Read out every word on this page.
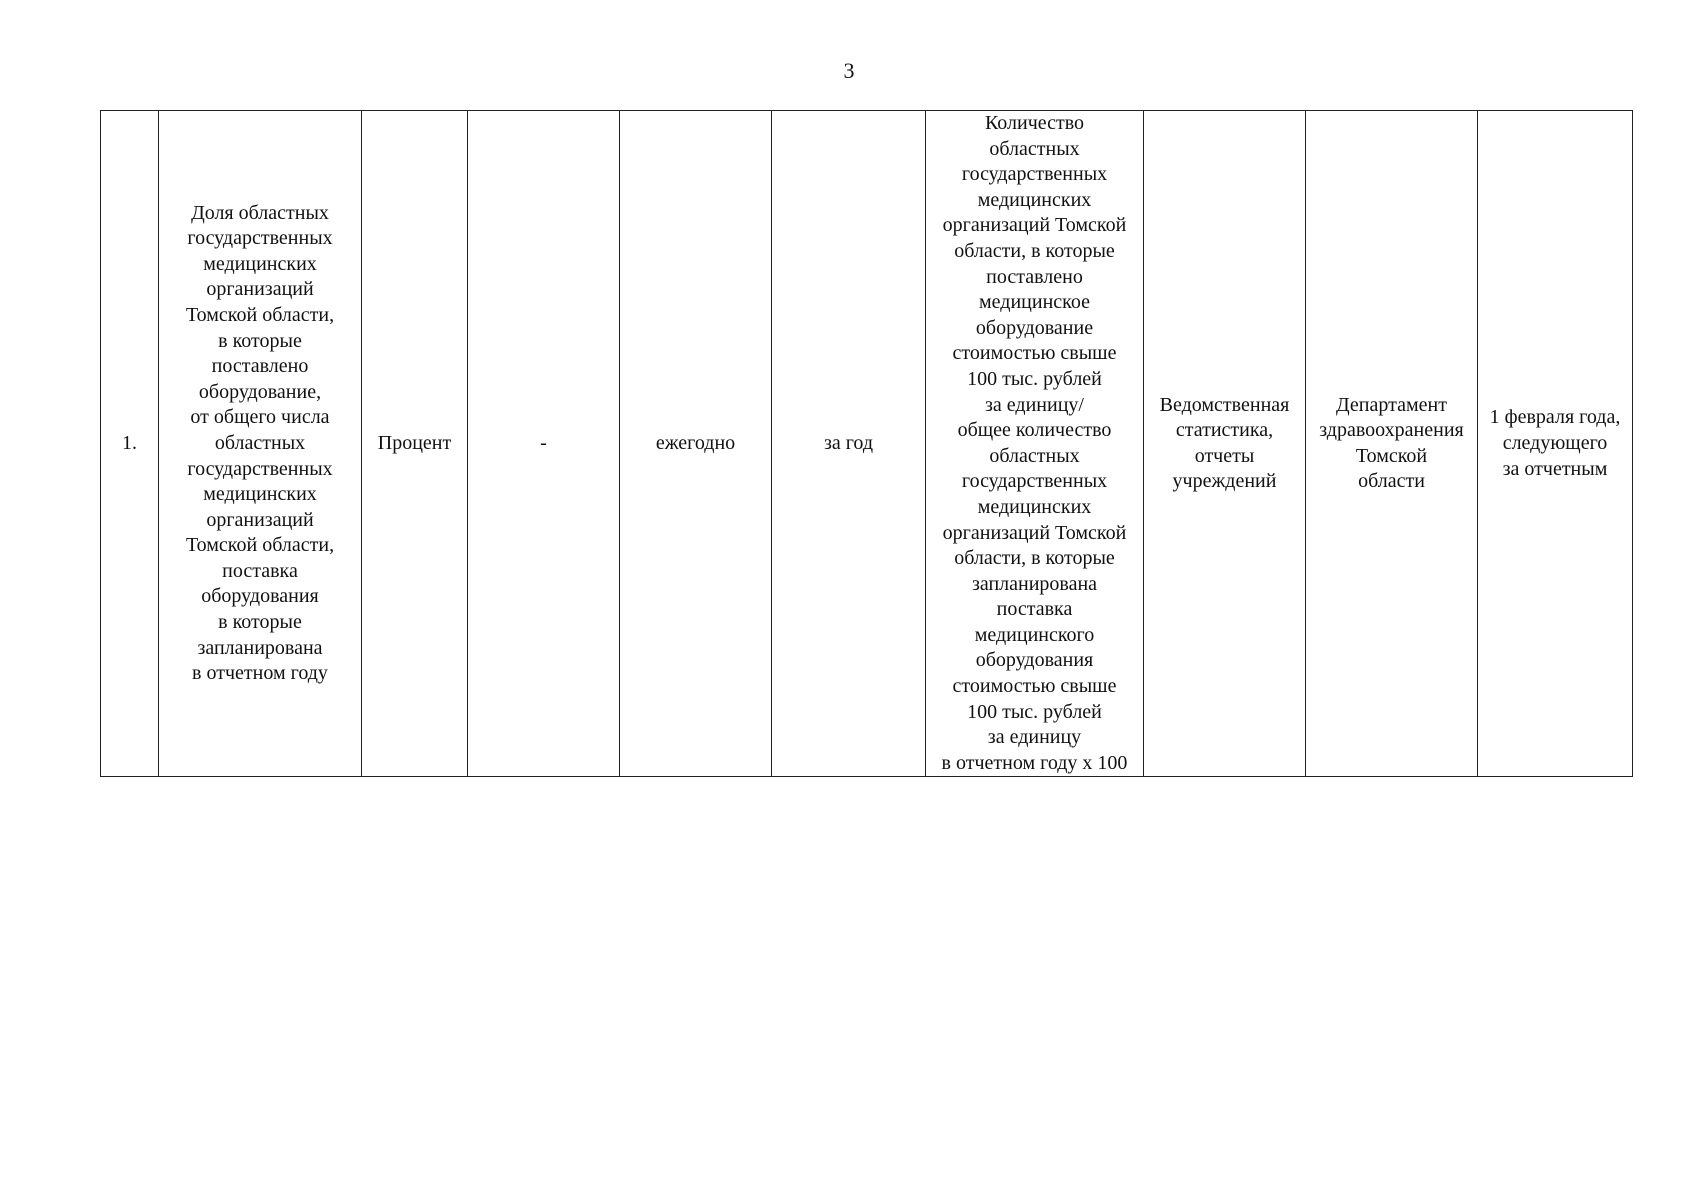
3
1.	Доля областных
государственных
медицинских
организаций
Томской области,
в которые
поставлено
оборудование,
от общего числа
областных
государственных
медицинских
организаций
Томской области,
поставка
оборудования
в которые
запланирована
в отчетном году	Процент	-	ежегодно	за год	Количество
областных
государственных
медицинских
организаций Томской
области, в которые
поставлено
медицинское
оборудование
стоимостью свыше
100 тыс. рублей
за единицу/
общее количество
областных
государственных
медицинских
организаций Томской
области, в которые
запланирована
поставка
медицинского
оборудования
стоимостью свыше
100 тыс. рублей
за единицу
в отчетном году х 100	Ведомственная
статистика,
отчеты
учреждений	Департамент
здравоохранения
Томской
области	1 февраля года,
следующего
за отчетным
